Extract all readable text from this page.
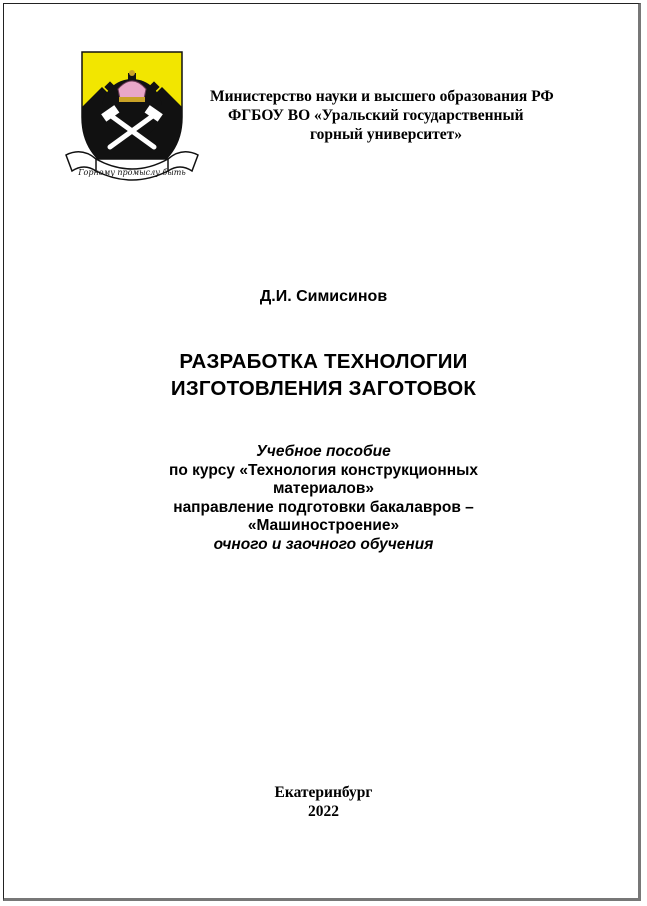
Горному промыслу быть
Министерство науки и высшего образования РФ
ФГБОУ ВО «Уральский государственный
горный университет»
Д.И. Симисинов
РАЗРАБОТКА ТЕХНОЛОГИИ
ИЗГОТОВЛЕНИЯ ЗАГОТОВОК
Учебное пособие
по курсу «Технология конструкционных
материалов»
направление подготовки бакалавров –
«Машиностроение»
очного и заочного обучения
Екатеринбург
2022
